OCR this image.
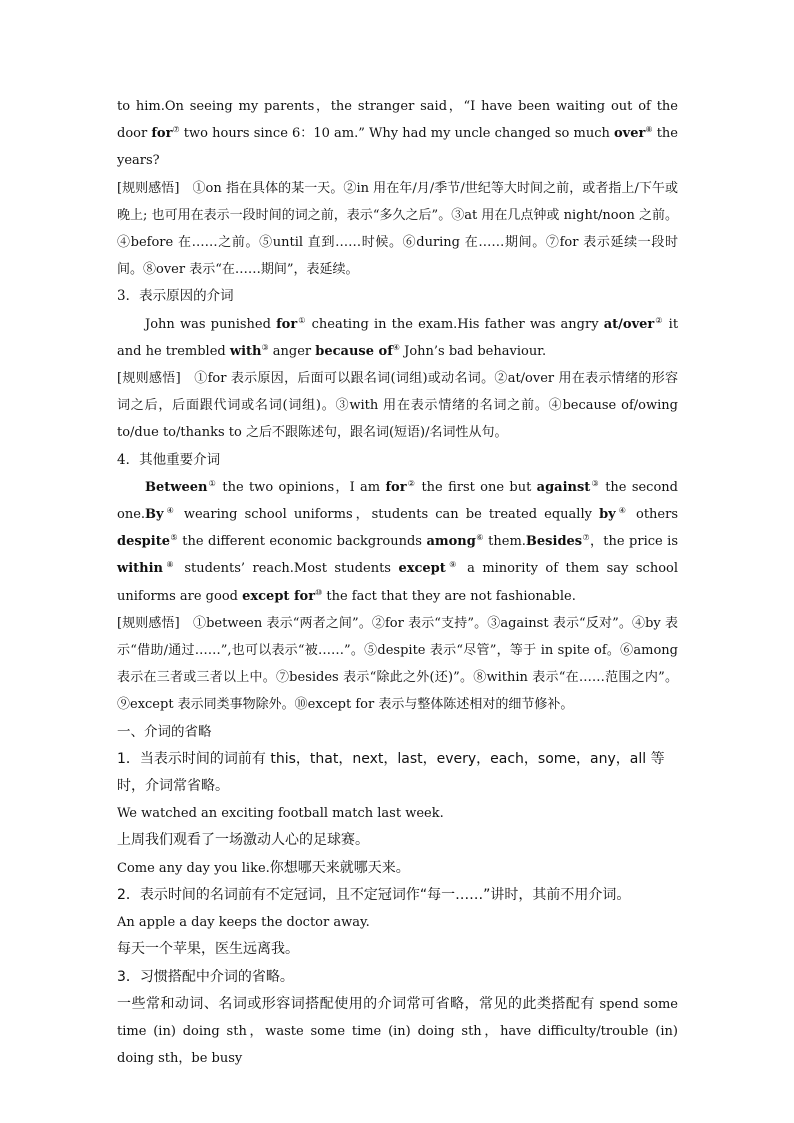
to him.On seeing my parents，the stranger said，“I have been waiting out of the door for⑦ two hours since 6：10 am.” Why had my uncle changed so much over⑧ the years?

[规则感悟]　①on 指在具体的某一天。②in 用在年/月/季节/世纪等大时间之前，或者指上/下午或晚上; 也可用在表示一段时间的词之前，表示“多久之后”。③at 用在几点钟或 night/noon 之前。④before 在……之前。⑤until 直到……时候。⑥during 在……期间。⑦for 表示延续一段时间。⑧over 表示“在……期间”，表延续。

3．表示原因的介词

John was punished for① cheating in the exam.His father was angry at/over② it and he trembled with③ anger because of④ John’s bad behaviour.

[规则感悟]　①for 表示原因，后面可以跟名词(词组)或动名词。②at/over 用在表示情绪的形容词之后，后面跟代词或名词(词组)。③with 用在表示情绪的名词之前。④because of/owing to/due to/thanks to 之后不跟陈述句，跟名词(短语)/名词性从句。

4．其他重要介词

Between① the two opinions，I am for② the first one but against③ the second one.By④ wearing school uniforms，students can be treated equally by④ others despite⑤ the different economic backgrounds among⑥ them.Besides⑦，the price is within⑧ students’ reach.Most students except⑨ a minority of them say school uniforms are good except for⑩ the fact that they are not fashionable.

[规则感悟]　①between 表示“两者之间”。②for 表示“支持”。③against 表示“反对”。④by 表示“借助/通过……”,也可以表示“被……”。⑤despite 表示“尽管”，等于 in spite of。⑥among 表示在三者或三者以上中。⑦besides 表示“除此之外(还)”。⑧within 表示“在……范围之内”。⑨except 表示同类事物除外。⑩except for 表示与整体陈述相对的细节修补。

一、介词的省略

1．当表示时间的词前有 this，that，next，last，every，each，some，any，all 等时，介词常省略。

We watched an exciting football match last week.

上周我们观看了一场激动人心的足球赛。

Come any day you like.你想哪天来就哪天来。

2．表示时间的名词前有不定冠词，且不定冠词作“每一……”讲时，其前不用介词。

An apple a day keeps the doctor away.

每天一个苹果，医生远离我。

3．习惯搭配中介词的省略。

一些常和动词、名词或形容词搭配使用的介词常可省略，常见的此类搭配有 spend some time (in) doing sth，waste some time (in) doing sth，have difficulty/trouble (in) doing sth，be busy
